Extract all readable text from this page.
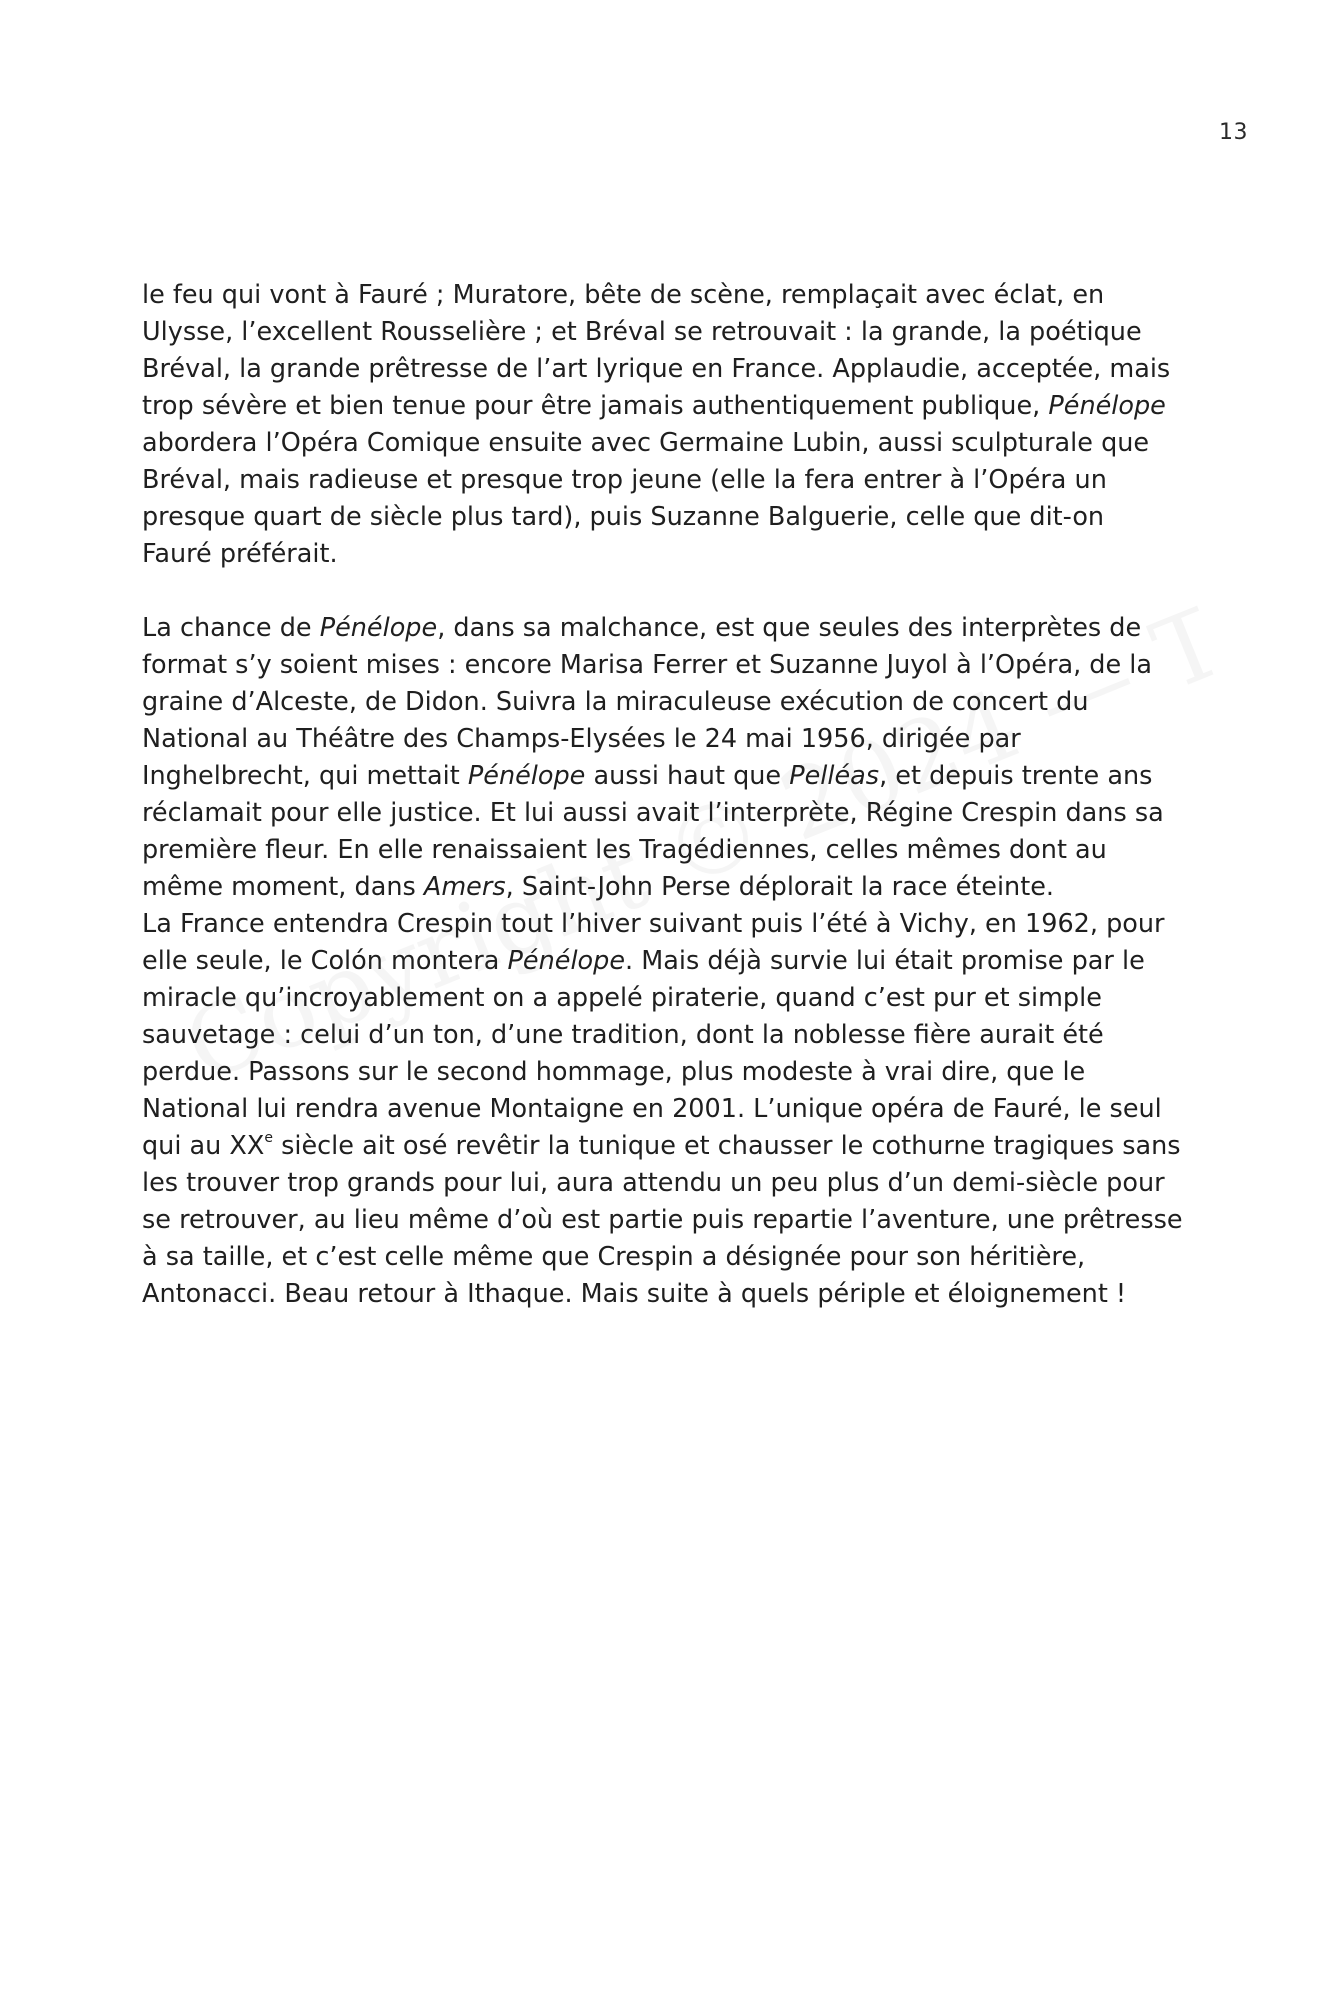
13
le feu qui vont à Fauré ; Muratore, bête de scène, remplaçait avec éclat, en
Ulysse, l’excellent Rousselière ; et Bréval se retrouvait : la grande, la poétique
Bréval, la grande prêtresse de l’art lyrique en France. Applaudie, acceptée, mais
trop sévère et bien tenue pour être jamais authentiquement publique, Pénélope
abordera l’Opéra Comique ensuite avec Germaine Lubin, aussi sculpturale que
Bréval, mais radieuse et presque trop jeune (elle la fera entrer à l’Opéra un
presque quart de siècle plus tard), puis Suzanne Balguerie, celle que dit-on
Fauré préférait.
La chance de Pénélope, dans sa malchance, est que seules des interprètes de
format s’y soient mises : encore Marisa Ferrer et Suzanne Juyol à l’Opéra, de la
graine d’Alceste, de Didon. Suivra la miraculeuse exécution de concert du
National au Théâtre des Champs-Elysées le 24 mai 1956, dirigée par
Inghelbrecht, qui mettait Pénélope aussi haut que Pelléas, et depuis trente ans
réclamait pour elle justice. Et lui aussi avait l’interprète, Régine Crespin dans sa
première fleur. En elle renaissaient les Tragédiennes, celles mêmes dont au
même moment, dans Amers, Saint-John Perse déplorait la race éteinte.
La France entendra Crespin tout l’hiver suivant puis l’été à Vichy, en 1962, pour
elle seule, le Colón montera Pénélope. Mais déjà survie lui était promise par le
miracle qu’incroyablement on a appelé piraterie, quand c’est pur et simple
sauvetage : celui d’un ton, d’une tradition, dont la noblesse fière aurait été
perdue. Passons sur le second hommage, plus modeste à vrai dire, que le
National lui rendra avenue Montaigne en 2001. L’unique opéra de Fauré, le seul
qui au XXe siècle ait osé revêtir la tunique et chausser le cothurne tragiques sans
les trouver trop grands pour lui, aura attendu un peu plus d’un demi-siècle pour
se retrouver, au lieu même d’où est partie puis repartie l’aventure, une prêtresse
à sa taille, et c’est celle même que Crespin a désignée pour son héritière,
Antonacci. Beau retour à Ithaque. Mais suite à quels périple et éloignement !
